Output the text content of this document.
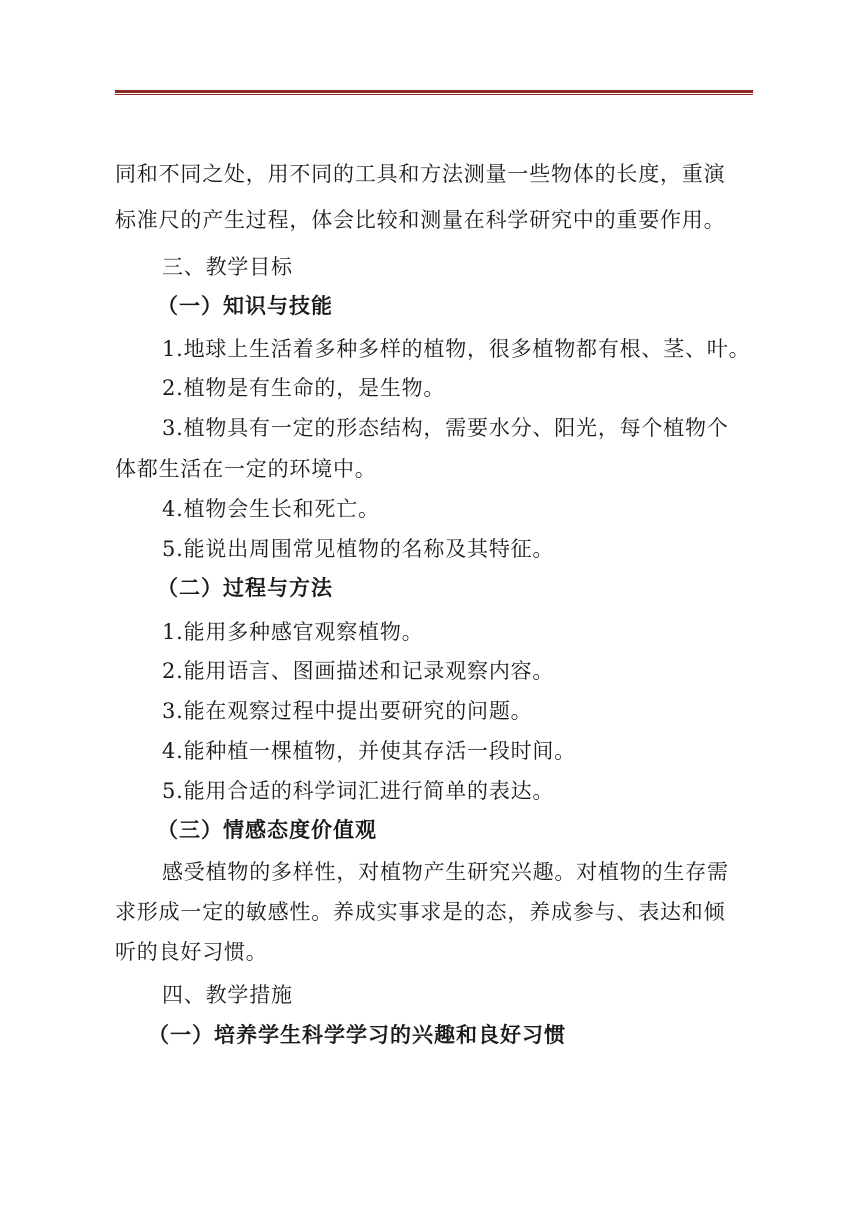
同和不同之处，用不同的工具和方法测量一些物体的长度，重演
标准尺的产生过程，体会比较和测量在科学研究中的重要作用。
三、教学目标
（一）知识与技能
1.地球上生活着多种多样的植物，很多植物都有根、茎、叶。
2.植物是有生命的，是生物。
3.植物具有一定的形态结构，需要水分、阳光，每个植物个
体都生活在一定的环境中。
4.植物会生长和死亡。
5.能说出周围常见植物的名称及其特征。
（二）过程与方法
1.能用多种感官观察植物。
2.能用语言、图画描述和记录观察内容。
3.能在观察过程中提出要研究的问题。
4.能种植一棵植物，并使其存活一段时间。
5.能用合适的科学词汇进行简单的表达。
（三）情感态度价值观
感受植物的多样性，对植物产生研究兴趣。对植物的生存需
求形成一定的敏感性。养成实事求是的态，养成参与、表达和倾
听的良好习惯。
四、教学措施
（一）培养学生科学学习的兴趣和良好习惯
